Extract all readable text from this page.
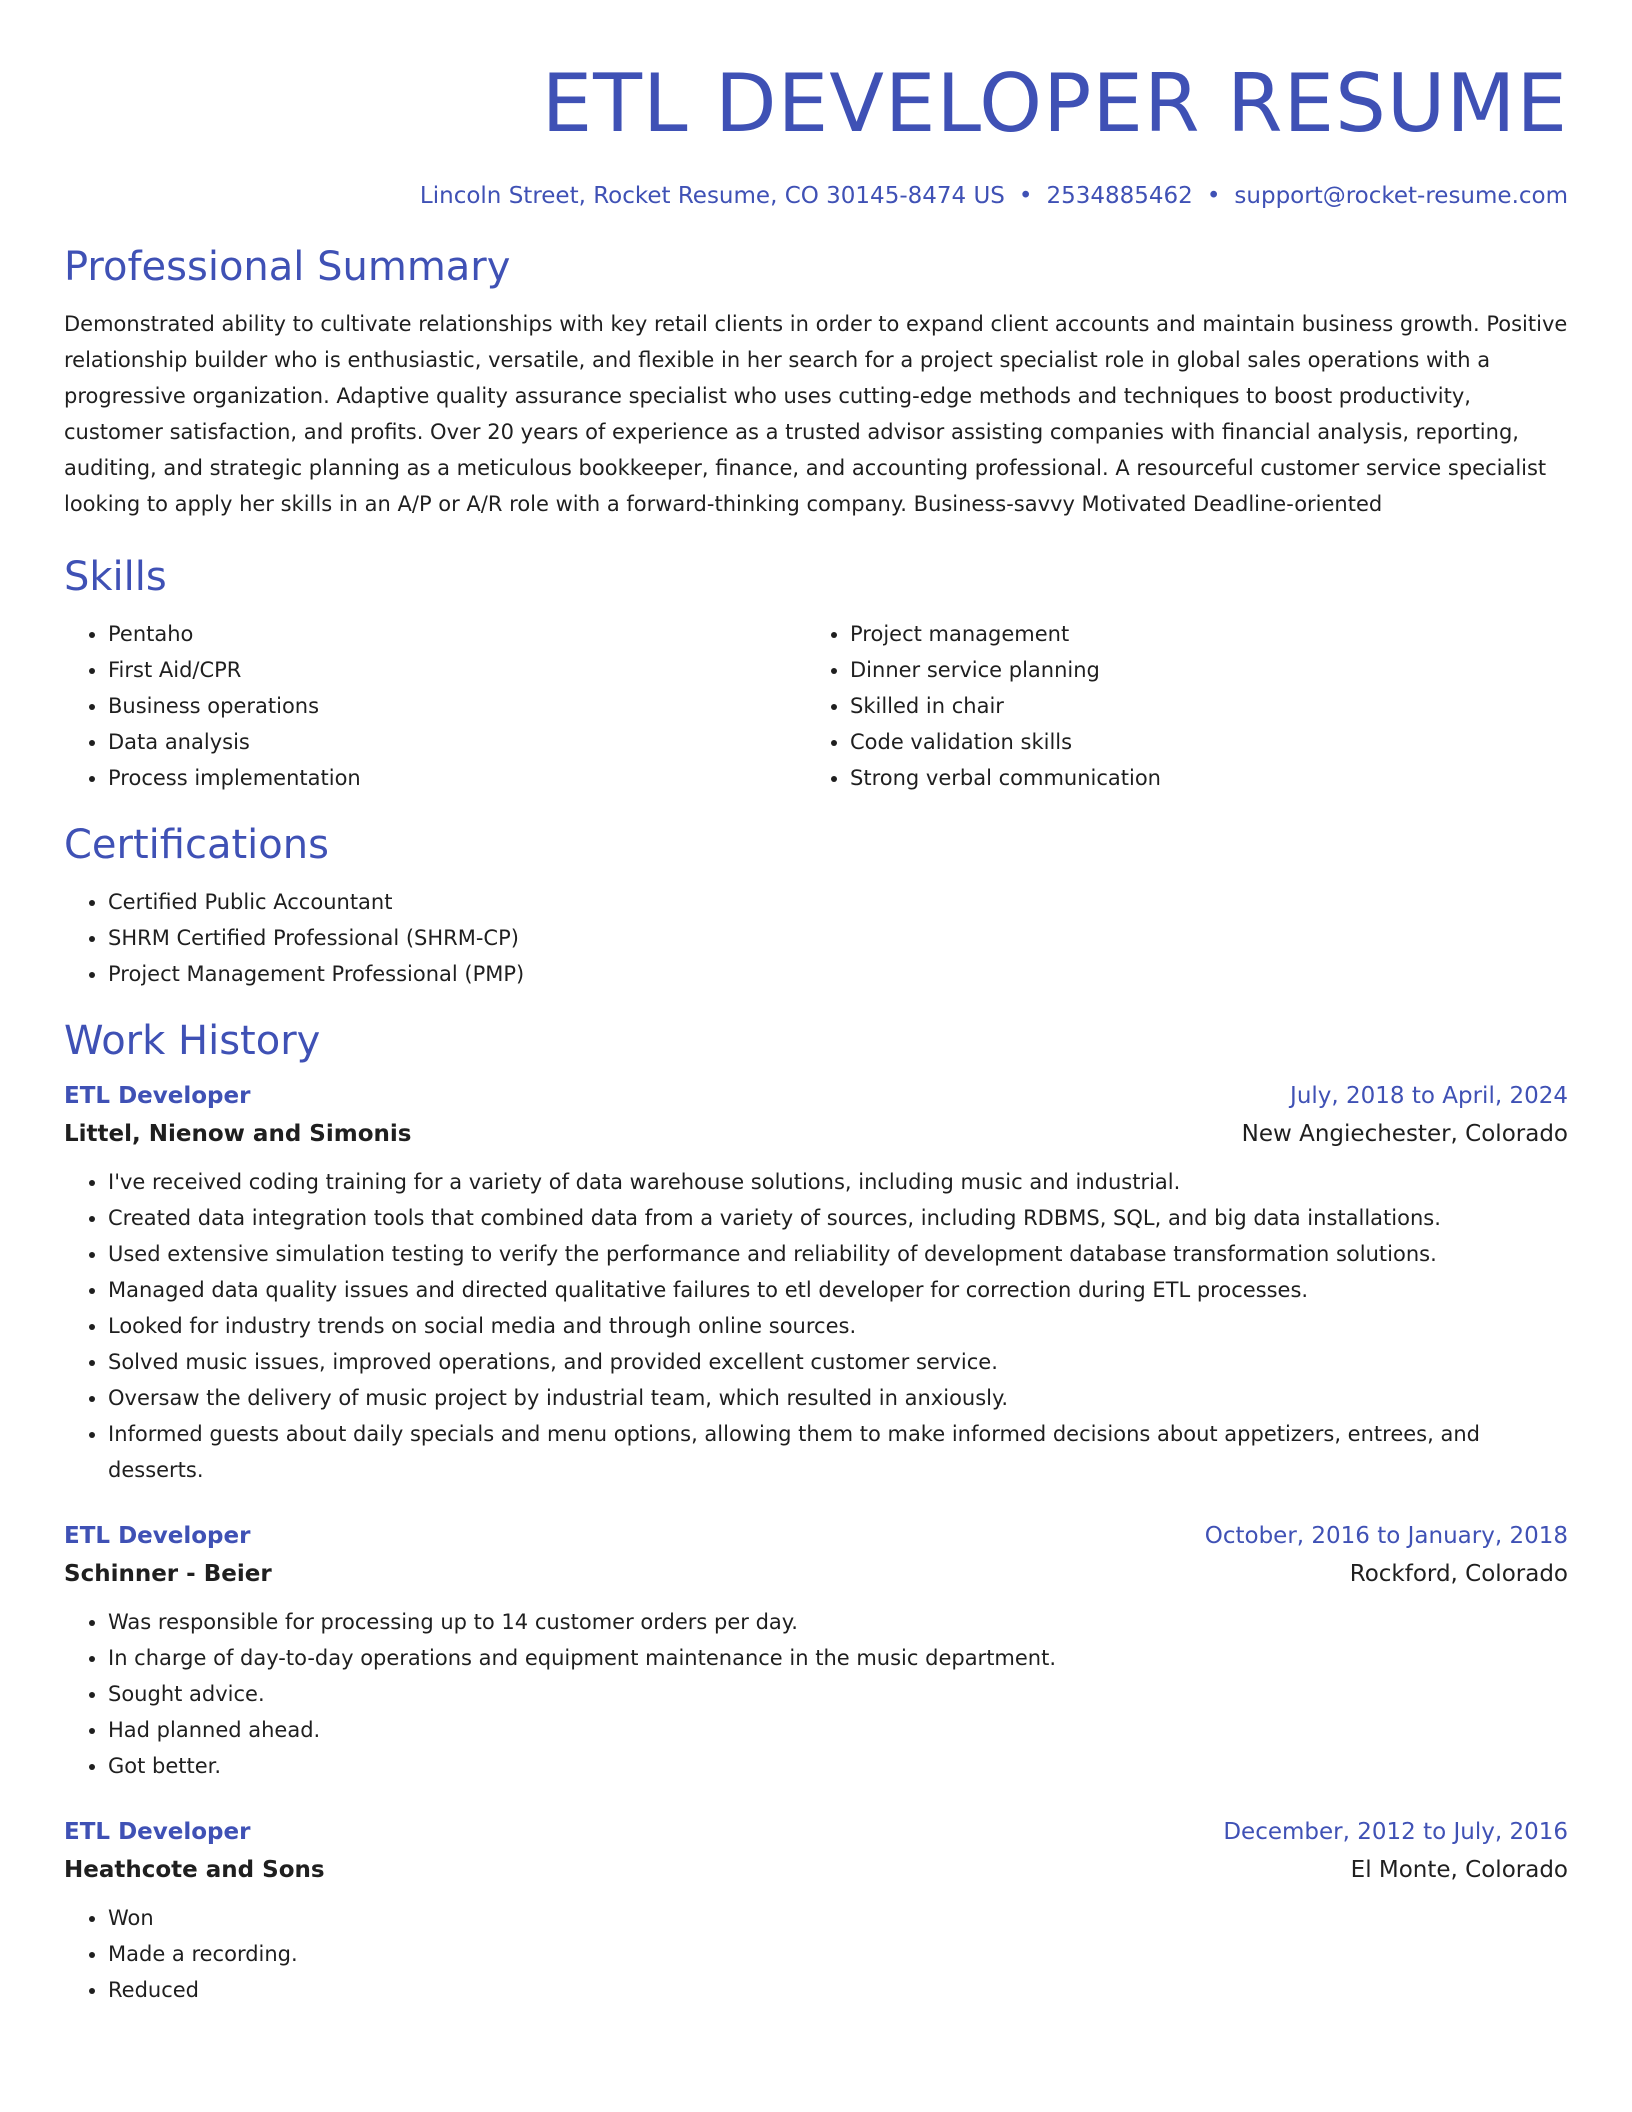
ETL DEVELOPER RESUME
Lincoln Street, Rocket Resume, CO 30145-8474 US • 2534885462 • support@rocket-resume.com
Professional Summary

Demonstrated ability to cultivate relationships with key retail clients in order to expand client accounts and maintain business growth. Positive relationship builder who is enthusiastic, versatile, and flexible in her search for a project specialist role in global sales operations with a progressive organization. Adaptive quality assurance specialist who uses cutting-edge methods and techniques to boost productivity, customer satisfaction, and profits. Over 20 years of experience as a trusted advisor assisting companies with financial analysis, reporting, auditing, and strategic planning as a meticulous bookkeeper, finance, and accounting professional. A resourceful customer service specialist looking to apply her skills in an A/P or A/R role with a forward-thinking company. Business-savvy Motivated Deadline-oriented

Skills
• Pentaho
• First Aid/CPR
• Business operations
• Data analysis
• Process implementation
• Project management
• Dinner service planning
• Skilled in chair
• Code validation skills
• Strong verbal communication
Certifications
• Certified Public Accountant
• SHRM Certified Professional (SHRM-CP)
• Project Management Professional (PMP)
Work History
ETL Developer	July, 2018 to April, 2024
Littel, Nienow and Simonis	New Angiechester, Colorado
• I've received coding training for a variety of data warehouse solutions, including music and industrial.
• Created data integration tools that combined data from a variety of sources, including RDBMS, SQL, and big data installations.
• Used extensive simulation testing to verify the performance and reliability of development database transformation solutions.
• Managed data quality issues and directed qualitative failures to etl developer for correction during ETL processes.
• Looked for industry trends on social media and through online sources.
• Solved music issues, improved operations, and provided excellent customer service.
• Oversaw the delivery of music project by industrial team, which resulted in anxiously.
• Informed guests about daily specials and menu options, allowing them to make informed decisions about appetizers, entrees, and desserts.
ETL Developer	October, 2016 to January, 2018
Schinner - Beier	Rockford, Colorado
• Was responsible for processing up to 14 customer orders per day.
• In charge of day-to-day operations and equipment maintenance in the music department.
• Sought advice.
• Had planned ahead.
• Got better.
ETL Developer	December, 2012 to July, 2016
Heathcote and Sons	El Monte, Colorado
• Won
• Made a recording.
• Reduced
